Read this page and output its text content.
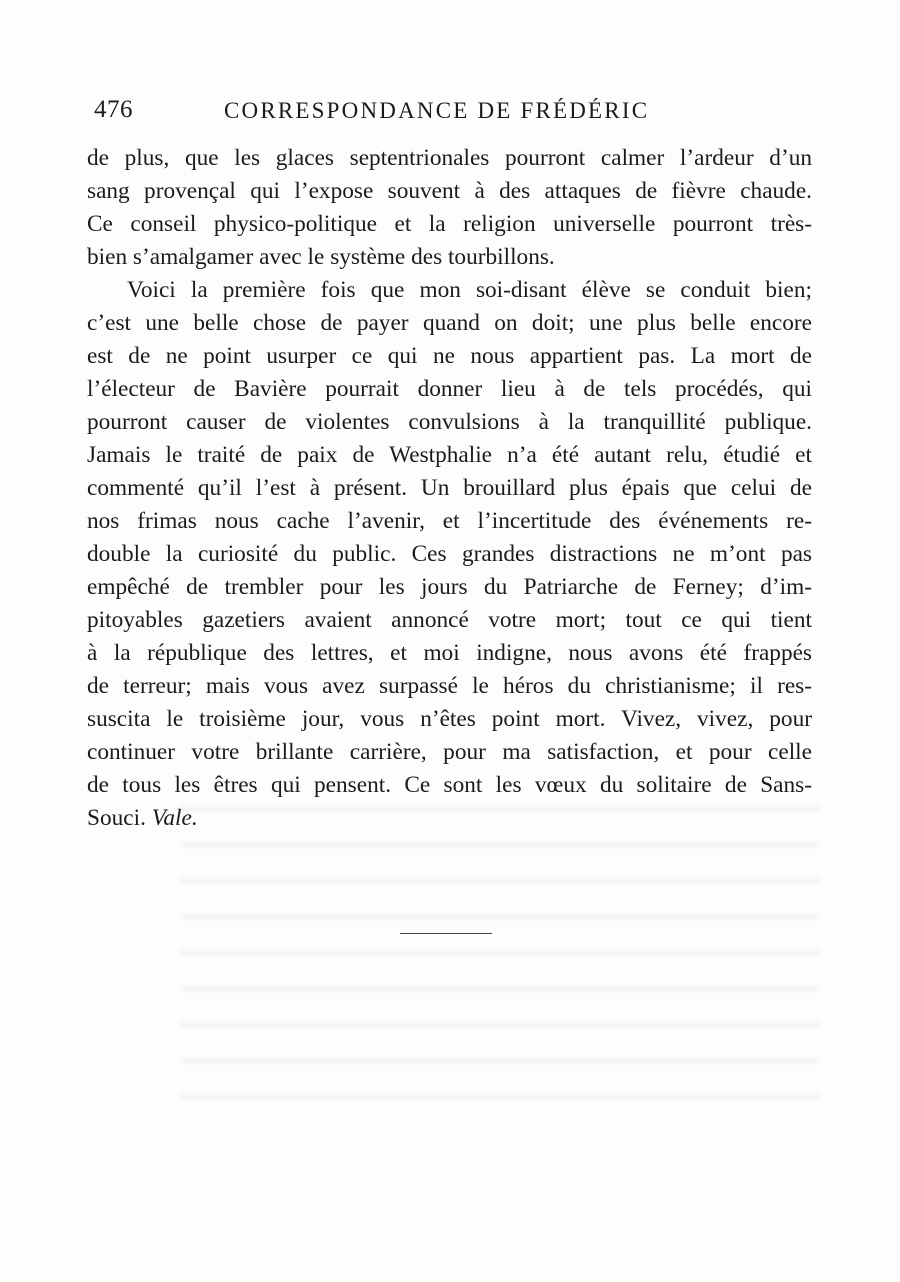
476	CORRESPONDANCE DE FRÉDÉRIC
de plus, que les glaces septentrionales pourront calmer l’ardeur d’un
sang provençal qui l’expose souvent à des attaques de fièvre chaude.
Ce conseil physico-politique et la religion universelle pourront très-
bien s’amalgamer avec le système des tourbillons.
Voici la première fois que mon soi-disant élève se conduit bien;
c’est une belle chose de payer quand on doit; une plus belle encore
est de ne point usurper ce qui ne nous appartient pas. La mort de
l’électeur de Bavière pourrait donner lieu à de tels procédés, qui
pourront causer de violentes convulsions à la tranquillité publique.
Jamais le traité de paix de Westphalie n’a été autant relu, étudié et
commenté qu’il l’est à présent. Un brouillard plus épais que celui de
nos frimas nous cache l’avenir, et l’incertitude des événements re-
double la curiosité du public. Ces grandes distractions ne m’ont pas
empêché de trembler pour les jours du Patriarche de Ferney; d’im-
pitoyables gazetiers avaient annoncé votre mort; tout ce qui tient
à la république des lettres, et moi indigne, nous avons été frappés
de terreur; mais vous avez surpassé le héros du christianisme; il res-
suscita le troisième jour, vous n’êtes point mort. Vivez, vivez, pour
continuer votre brillante carrière, pour ma satisfaction, et pour celle
de tous les êtres qui pensent. Ce sont les vœux du solitaire de Sans-
Souci. Vale.
